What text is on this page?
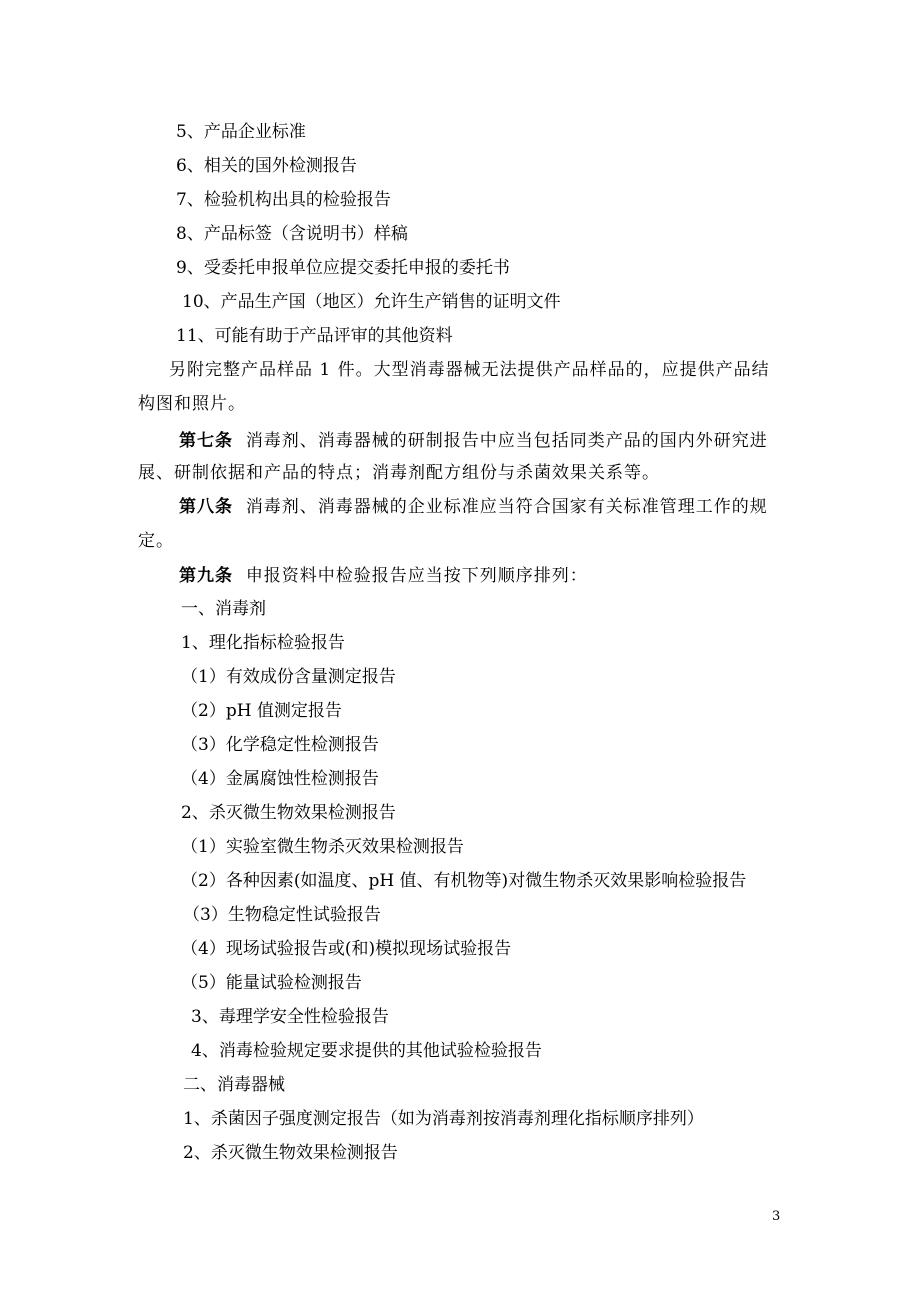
5、产品企业标准
6、相关的国外检测报告
7、检验机构出具的检验报告
8、产品标签（含说明书）样稿
9、受委托申报单位应提交委托申报的委托书
10、产品生产国（地区）允许生产销售的证明文件
11、可能有助于产品评审的其他资料
另附完整产品样品 1 件。大型消毒器械无法提供产品样品的，应提供产品结
构图和照片。
第七条 消毒剂、消毒器械的研制报告中应当包括同类产品的国内外研究进
展、研制依据和产品的特点；消毒剂配方组份与杀菌效果关系等。
第八条 消毒剂、消毒器械的企业标准应当符合国家有关标准管理工作的规
定。
第九条 申报资料中检验报告应当按下列顺序排列：
一、消毒剂
1、理化指标检验报告
（1）有效成份含量测定报告
（2）pH 值测定报告
（3）化学稳定性检测报告
（4）金属腐蚀性检测报告
2、杀灭微生物效果检测报告
（1）实验室微生物杀灭效果检测报告
（2）各种因素(如温度、pH 值、有机物等)对微生物杀灭效果影响检验报告
（3）生物稳定性试验报告
（4）现场试验报告或(和)模拟现场试验报告
（5）能量试验检测报告
3、毒理学安全性检验报告
4、消毒检验规定要求提供的其他试验检验报告
二、消毒器械
1、杀菌因子强度测定报告（如为消毒剂按消毒剂理化指标顺序排列）
2、杀灭微生物效果检测报告
3
